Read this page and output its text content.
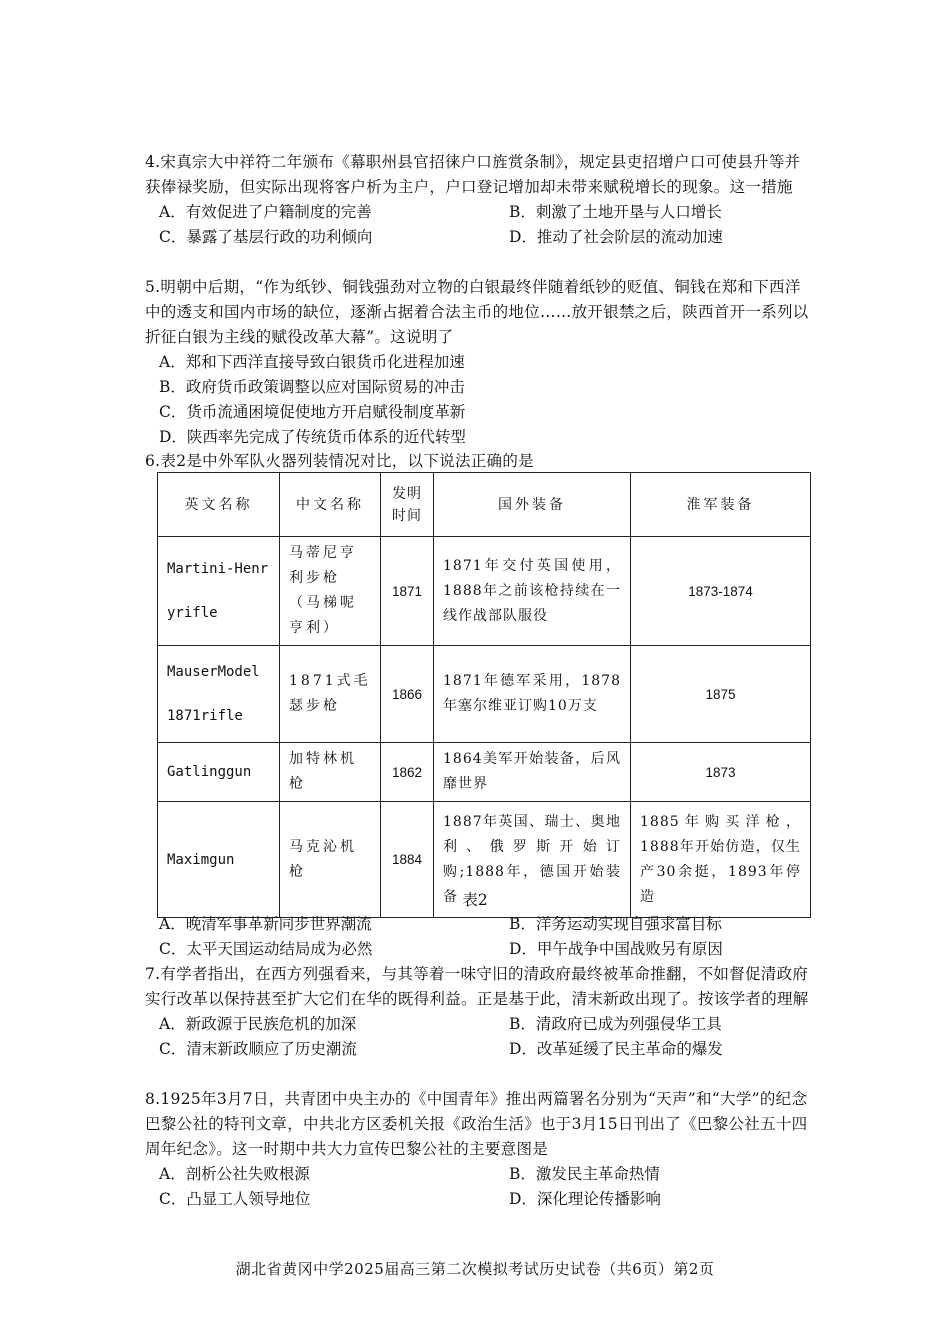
4.宋真宗大中祥符二年颁布《幕职州县官招徕户口旌赏条制》，规定县吏招增户口可使县升等并获俸禄奖励，但实际出现将客户析为主户，户口登记增加却未带来赋税增长的现象。这一措施
A．有效促进了户籍制度的完善	B．刺激了土地开垦与人口增长
C．暴露了基层行政的功利倾向	D．推动了社会阶层的流动加速
5.明朝中后期，“作为纸钞、铜钱强劲对立物的白银最终伴随着纸钞的贬值、铜钱在郑和下西洋中的透支和国内市场的缺位，逐渐占据着合法主币的地位……放开银禁之后，陕西首开一系列以折征白银为主线的赋役改革大幕”。这说明了
A．郑和下西洋直接导致白银货币化进程加速
B．政府货币政策调整以应对国际贸易的冲击
C．货币流通困境促使地方开启赋役制度革新
D．陕西率先完成了传统货币体系的近代转型
6.表2是中外军队火器列装情况对比，以下说法正确的是
英文名称	中文名称	发明时间	国外装备	淮军装备
Martini-Henryrifle	马蒂尼亨利步枪（马梯呢亨利）	1871	1871年交付英国使用，1888年之前该枪持续在一线作战部队服役	1873-1874
MauserModel 1871rifle	1871式毛瑟步枪	1866	1871年德军采用，1878年塞尔维亚订购10万支	1875
Gatlinggun	加特林机枪	1862	1864美军开始装备，后风靡世界	1873
Maximgun	马克沁机枪	1884	1887年英国、瑞士、奥地利、俄罗斯开始订购;1888年，德国开始装备	1885年购买洋枪，1888年开始仿造，仅生产30余挺，1893年停造
表2
A．晚清军事革新同步世界潮流	B．洋务运动实现自强求富目标
C．太平天国运动结局成为必然	D．甲午战争中国战败另有原因
7.有学者指出，在西方列强看来，与其等着一味守旧的清政府最终被革命推翻，不如督促清政府实行改革以保持甚至扩大它们在华的既得利益。正是基于此，清末新政出现了。按该学者的理解
A．新政源于民族危机的加深	B．清政府已成为列强侵华工具
C．清末新政顺应了历史潮流	D．改革延缓了民主革命的爆发
8.1925年3月7日，共青团中央主办的《中国青年》推出两篇署名分别为“天声”和“大学”的纪念巴黎公社的特刊文章，中共北方区委机关报《政治生活》也于3月15日刊出了《巴黎公社五十四周年纪念》。这一时期中共大力宣传巴黎公社的主要意图是
A．剖析公社失败根源	B．激发民主革命热情
C．凸显工人领导地位	D．深化理论传播影响
湖北省黄冈中学2025届高三第二次模拟考试历史试卷（共6页）第2页
